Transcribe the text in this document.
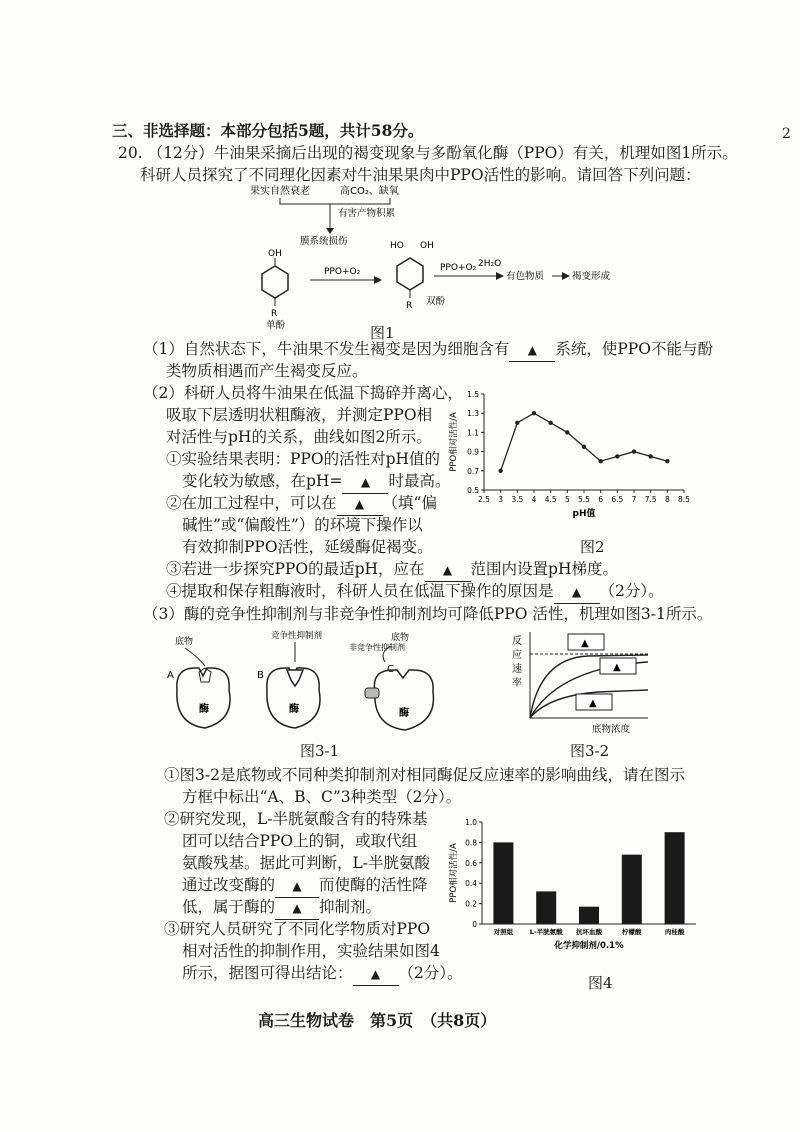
2
三、非选择题：本部分包括5题，共计58分。
20. （12分）牛油果采摘后出现的褐变现象与多酚氧化酶（PPO）有关，机理如图1所示。
科研人员探究了不同理化因素对牛油果果肉中PPO活性的影响。请回答下列问题：
果实自然衰老	高CO₂、缺氧
有害产物积累
膜系统损伤
OH
R
单酚
PPO+O₂
HO OH
R 双酚
PPO+O₂ 2H₂O
有色物质	褐变形成
图1
（1）自然状态下，牛油果不发生褐变是因为细胞含有 ▲ 系统，使PPO不能与酚
类物质相遇而产生褐变反应。
（2）科研人员将牛油果在低温下捣碎并离心，
吸取下层透明状粗酶液，并测定PPO相
对活性与pH的关系，曲线如图2所示。
①实验结果表明：PPO的活性对pH值的
变化较为敏感，在pH= ▲ 时最高。
②在加工过程中，可以在 ▲ （填“偏
碱性”或“偏酸性”）的环境下操作以
有效抑制PPO活性，延缓酶促褐变。
③若进一步探究PPO的最适pH，应在 ▲ 范围内设置pH梯度。
④提取和保存粗酶液时，科研人员在低温下操作的原因是 ▲ （2分）。
0.5
0.7
0.9
1.1
1.3
1.5
2.5 3 3.5 4 4.5 5 5.5 6 6.5 7 7.5 8 8.5
pH值
PPO相对活性/A
图2
（3）酶的竞争性抑制剂与非竞争性抑制剂均可降低PPO 活性，机理如图3-1所示。
底物
A
酶
竞争性抑制剂
B
酶
非竞争性抑制剂
底物
C
酶
图3-1
反
应
速
率
▲
▲
▲
底物浓度
图3-2
①图3-2是底物或不同种类抑制剂对相同酶促反应速率的影响曲线，请在图示
方框中标出“A、B、C”3种类型（2分）。
②研究发现，L-半胱氨酸含有的特殊基
团可以结合PPO上的铜，或取代组
氨酸残基。据此可判断，L-半胱氨酸
通过改变酶的 ▲ 而使酶的活性降
低，属于酶的 ▲ 抑制剂。
③研究人员研究了不同化学物质对PPO
相对活性的抑制作用，实验结果如图4
所示，据图可得出结论： ▲ （2分）。
0
0.2
0.4
0.6
0.8
1.0
对照组	L-半胱氨酸 抗坏血酸	柠檬酸	肉桂酸
化学抑制剂/0.1%
PPO相对活性/A
图4
高三生物试卷　第5页　（共8页）
